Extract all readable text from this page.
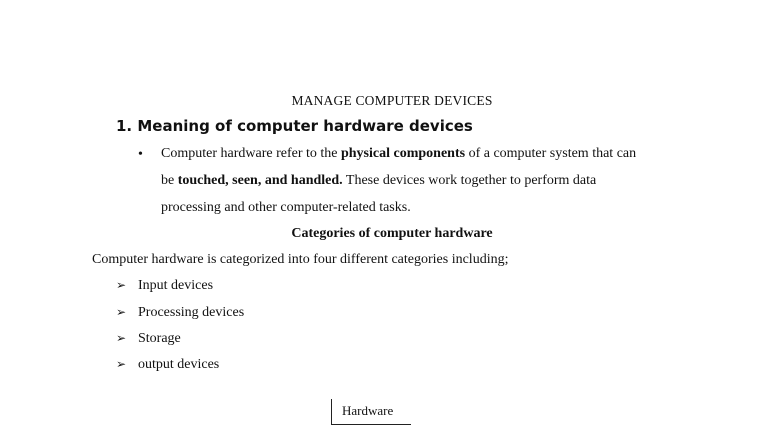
MANAGE COMPUTER DEVICES
1. Meaning of computer hardware devices
• Computer hardware refer to the physical components of a computer system that can
be touched, seen, and handled. These devices work together to perform data
processing and other computer-related tasks.
Categories of computer hardware
Computer hardware is categorized into four different categories including;
➢ Input devices
➢ Processing devices
➢ Storage
➢ output devices
Hardware
